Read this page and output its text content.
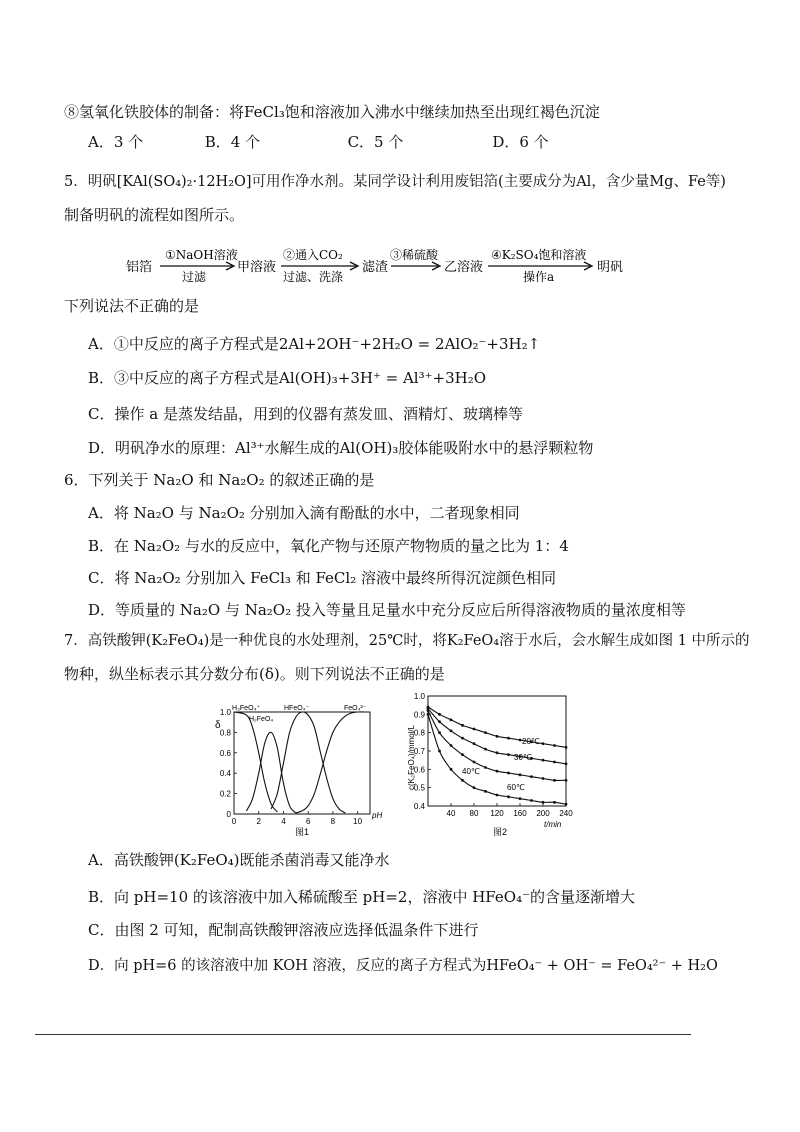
⑧氢氧化铁胶体的制备：将FeCl₃饱和溶液加入沸水中继续加热至出现红褐色沉淀
A．3 个	B．4 个	C．5 个	D．6 个
5．明矾[KAl(SO₄)₂·12H₂O]可用作净水剂。某同学设计利用废铝箔(主要成分为Al，含少量Mg、Fe等)
制备明矾的流程如图所示。
铝箔
①NaOH溶液
过滤
甲溶液
②通入CO₂
过滤、洗涤
滤渣
③稀硫酸
乙溶液
④K₂SO₄饱和溶液
操作a
明矾
下列说法不正确的是
A．①中反应的离子方程式是2Al+2OH⁻+2H₂O = 2AlO₂⁻+3H₂↑
B．③中反应的离子方程式是Al(OH)₃+3H⁺ = Al³⁺+3H₂O
C．操作 a 是蒸发结晶，用到的仪器有蒸发皿、酒精灯、玻璃棒等
D．明矾净水的原理：Al³⁺水解生成的Al(OH)₃胶体能吸附水中的悬浮颗粒物
6．下列关于 Na₂O 和 Na₂O₂ 的叙述正确的是
A．将 Na₂O 与 Na₂O₂ 分别加入滴有酚酞的水中，二者现象相同
B．在 Na₂O₂ 与水的反应中，氧化产物与还原产物物质的量之比为 1：4
C．将 Na₂O₂ 分别加入 FeCl₃ 和 FeCl₂ 溶液中最终所得沉淀颜色相同
D．等质量的 Na₂O 与 Na₂O₂ 投入等量且足量水中充分反应后所得溶液物质的量浓度相等
7．高铁酸钾(K₂FeO₄)是一种优良的水处理剂，25℃时，将K₂FeO₄溶于水后，会水解生成如图 1 中所示的
物种，纵坐标表示其分数分布(δ)。则下列说法不正确的是
0
0.2
0.4
0.6
0.8
1.0
0	2	4	6	8 10
H₃FeO₄⁺
H₂FeO₄
HFeO₄⁻	FeO₄²⁻
pH
δ
图1
0.4
0.5
0.6
0.7
0.8
0.9
1.0
40 80 120 160 200 240
20℃
30℃
40℃
60℃
t/min
c(K₂FeO₄)/mmol/L
图2
A．高铁酸钾(K₂FeO₄)既能杀菌消毒又能净水
B．向 pH=10 的该溶液中加入稀硫酸至 pH=2，溶液中 HFeO₄⁻的含量逐渐增大
C．由图 2 可知，配制高铁酸钾溶液应选择低温条件下进行
D．向 pH=6 的该溶液中加 KOH 溶液，反应的离子方程式为HFeO₄⁻ + OH⁻ = FeO₄²⁻ + H₂O
